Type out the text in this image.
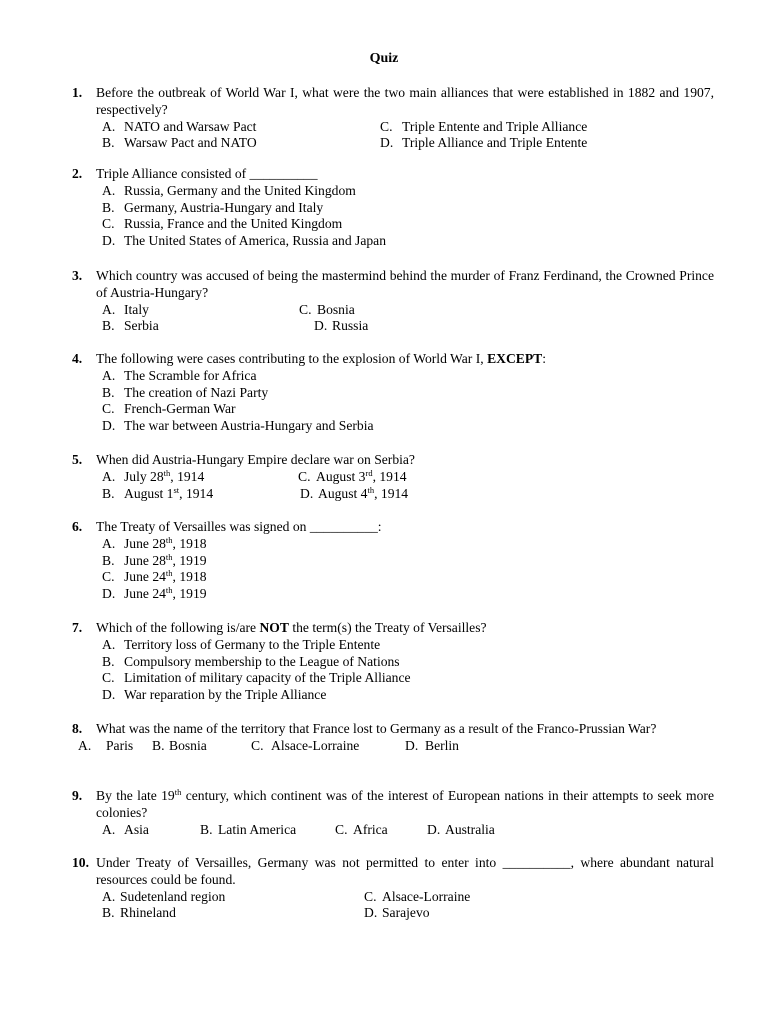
Quiz
1. Before the outbreak of World War I, what were the two main alliances that were established in 1882 and 1907, respectively?
A. NATO and Warsaw Pact	C. Triple Entente and Triple Alliance
B. Warsaw Pact and NATO	D. Triple Alliance and Triple Entente
2. Triple Alliance consisted of __________
A. Russia, Germany and the United Kingdom
B. Germany, Austria-Hungary and Italy
C. Russia, France and the United Kingdom
D. The United States of America, Russia and Japan
3. Which country was accused of being the mastermind behind the murder of Franz Ferdinand, the Crowned Prince of Austria-Hungary?
A. Italy	C. Bosnia
B. Serbia	D. Russia
4. The following were cases contributing to the explosion of World War I, EXCEPT:
A. The Scramble for Africa
B. The creation of Nazi Party
C. French-German War
D. The war between Austria-Hungary and Serbia
5. When did Austria-Hungary Empire declare war on Serbia?
A. July 28th, 1914	C. August 3rd, 1914
B. August 1st, 1914	D. August 4th, 1914
6. The Treaty of Versailles was signed on __________:
A. June 28th, 1918
B. June 28th, 1919
C. June 24th, 1918
D. June 24th, 1919
7. Which of the following is/are NOT the term(s) the Treaty of Versailles?
A. Territory loss of Germany to the Triple Entente
B. Compulsory membership to the League of Nations
C. Limitation of military capacity of the Triple Alliance
D. War reparation by the Triple Alliance
8. What was the name of the territory that France lost to Germany as a result of the Franco-Prussian War?
A. Paris B. Bosnia	C. Alsace-Lorraine	D. Berlin
9. By the late 19th century, which continent was of the interest of European nations in their attempts to seek more colonies?
A. Asia	B. Latin America	C. Africa	D. Australia
10. Under Treaty of Versailles, Germany was not permitted to enter into __________, where abundant natural resources could be found.
A. Sudetenland region	C. Alsace-Lorraine
B. Rhineland	D. Sarajevo
